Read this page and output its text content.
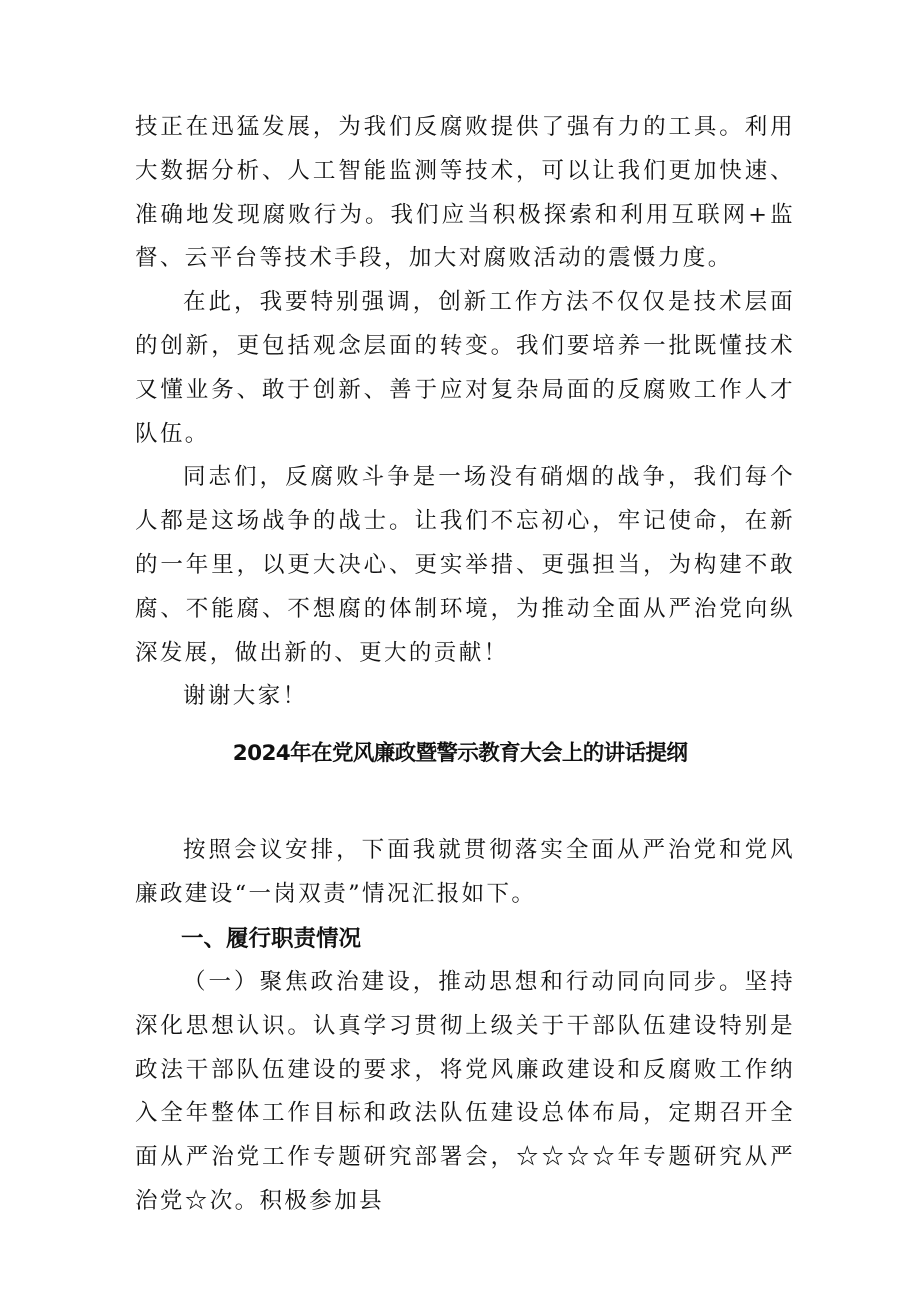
技正在迅猛发展，为我们反腐败提供了强有力的工具。利用大数据分析、人工智能监测等技术，可以让我们更加快速、准确地发现腐败行为。我们应当积极探索和利用互联网+监督、云平台等技术手段，加大对腐败活动的震慑力度。

在此，我要特别强调，创新工作方法不仅仅是技术层面的创新，更包括观念层面的转变。我们要培养一批既懂技术又懂业务、敢于创新、善于应对复杂局面的反腐败工作人才队伍。

同志们，反腐败斗争是一场没有硝烟的战争，我们每个人都是这场战争的战士。让我们不忘初心，牢记使命，在新的一年里，以更大决心、更实举措、更强担当，为构建不敢腐、不能腐、不想腐的体制环境，为推动全面从严治党向纵深发展，做出新的、更大的贡献！

谢谢大家！

2024年在党风廉政暨警示教育大会上的讲话提纲

按照会议安排，下面我就贯彻落实全面从严治党和党风廉政建设“一岗双责”情况汇报如下。

一、履行职责情况

（一）聚焦政治建设，推动思想和行动同向同步。坚持深化思想认识。认真学习贯彻上级关于干部队伍建设特别是政法干部队伍建设的要求，将党风廉政建设和反腐败工作纳入全年整体工作目标和政法队伍建设总体布局，定期召开全面从严治党工作专题研究部署会，☆☆☆☆年专题研究从严治党☆次。积极参加县
